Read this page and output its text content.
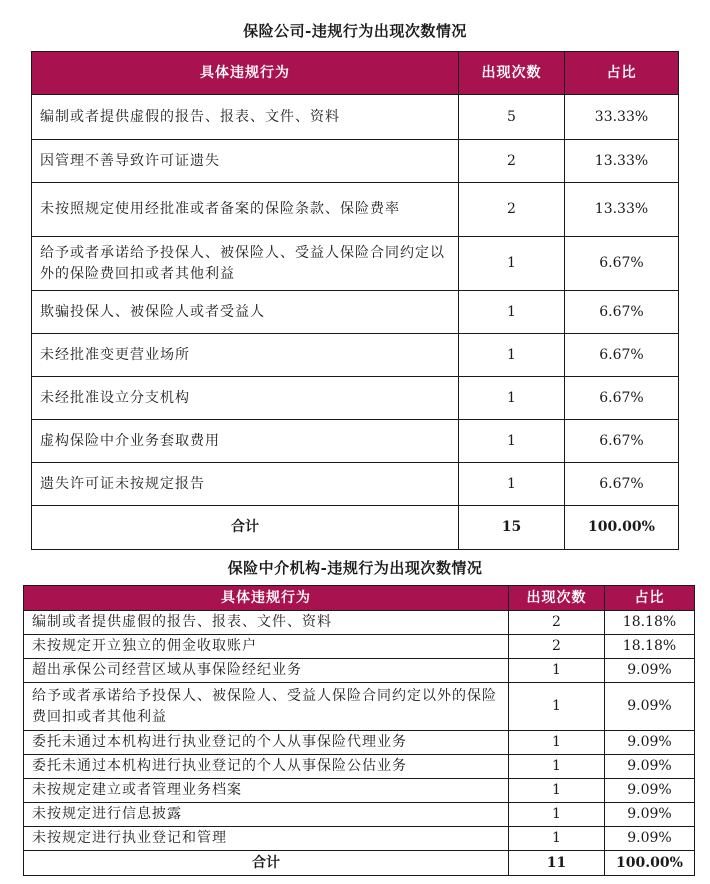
保险公司-违规行为出现次数情况
具体违规行为	出现次数	占比
编制或者提供虚假的报告、报表、文件、资料	5	33.33%
因管理不善导致许可证遗失	2	13.33%
未按照规定使用经批准或者备案的保险条款、保险费率	2	13.33%
给予或者承诺给予投保人、被保险人、受益人保险合同约定以外的保险费回扣或者其他利益	1	6.67%
欺骗投保人、被保险人或者受益人	1	6.67%
未经批准变更营业场所	1	6.67%
未经批准设立分支机构	1	6.67%
虚构保险中介业务套取费用	1	6.67%
遗失许可证未按规定报告	1	6.67%
合计	15	100.00%
保险中介机构-违规行为出现次数情况
具体违规行为	出现次数	占比
编制或者提供虚假的报告、报表、文件、资料	2	18.18%
未按规定开立独立的佣金收取账户	2	18.18%
超出承保公司经营区域从事保险经纪业务	1	9.09%
给予或者承诺给予投保人、被保险人、受益人保险合同约定以外的保险费回扣或者其他利益	1	9.09%
委托未通过本机构进行执业登记的个人从事保险代理业务	1	9.09%
委托未通过本机构进行执业登记的个人从事保险公估业务	1	9.09%
未按规定建立或者管理业务档案	1	9.09%
未按规定进行信息披露	1	9.09%
未按规定进行执业登记和管理	1	9.09%
合计	11	100.00%
